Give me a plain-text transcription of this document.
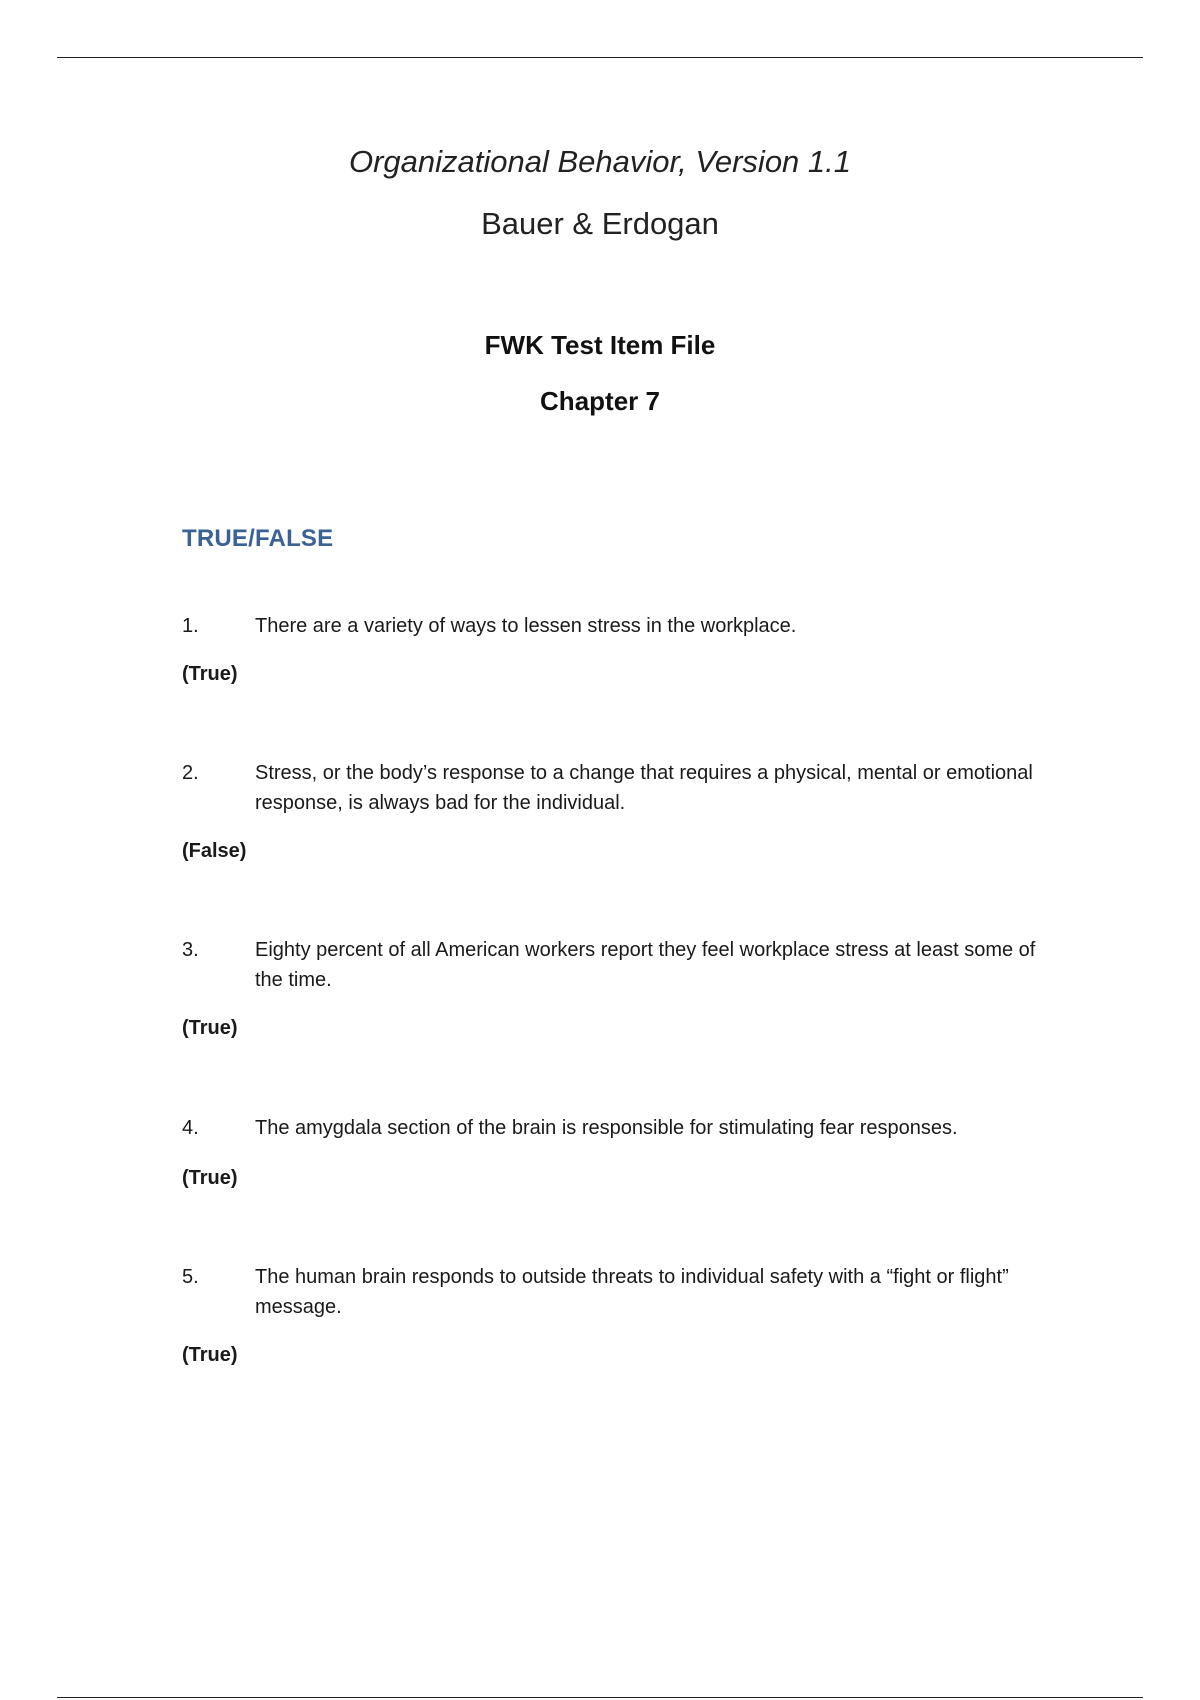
Organizational Behavior, Version 1.1
Bauer & Erdogan
FWK Test Item File
Chapter 7
TRUE/FALSE
1.	There are a variety of ways to lessen stress in the workplace.
(True)
2.	Stress, or the body’s response to a change that requires a physical, mental or emotional response, is always bad for the individual.
(False)
3.	Eighty percent of all American workers report they feel workplace stress at least some of the time.
(True)
4.	The amygdala section of the brain is responsible for stimulating fear responses.
(True)
5.	The human brain responds to outside threats to individual safety with a “fight or flight” message.
(True)
